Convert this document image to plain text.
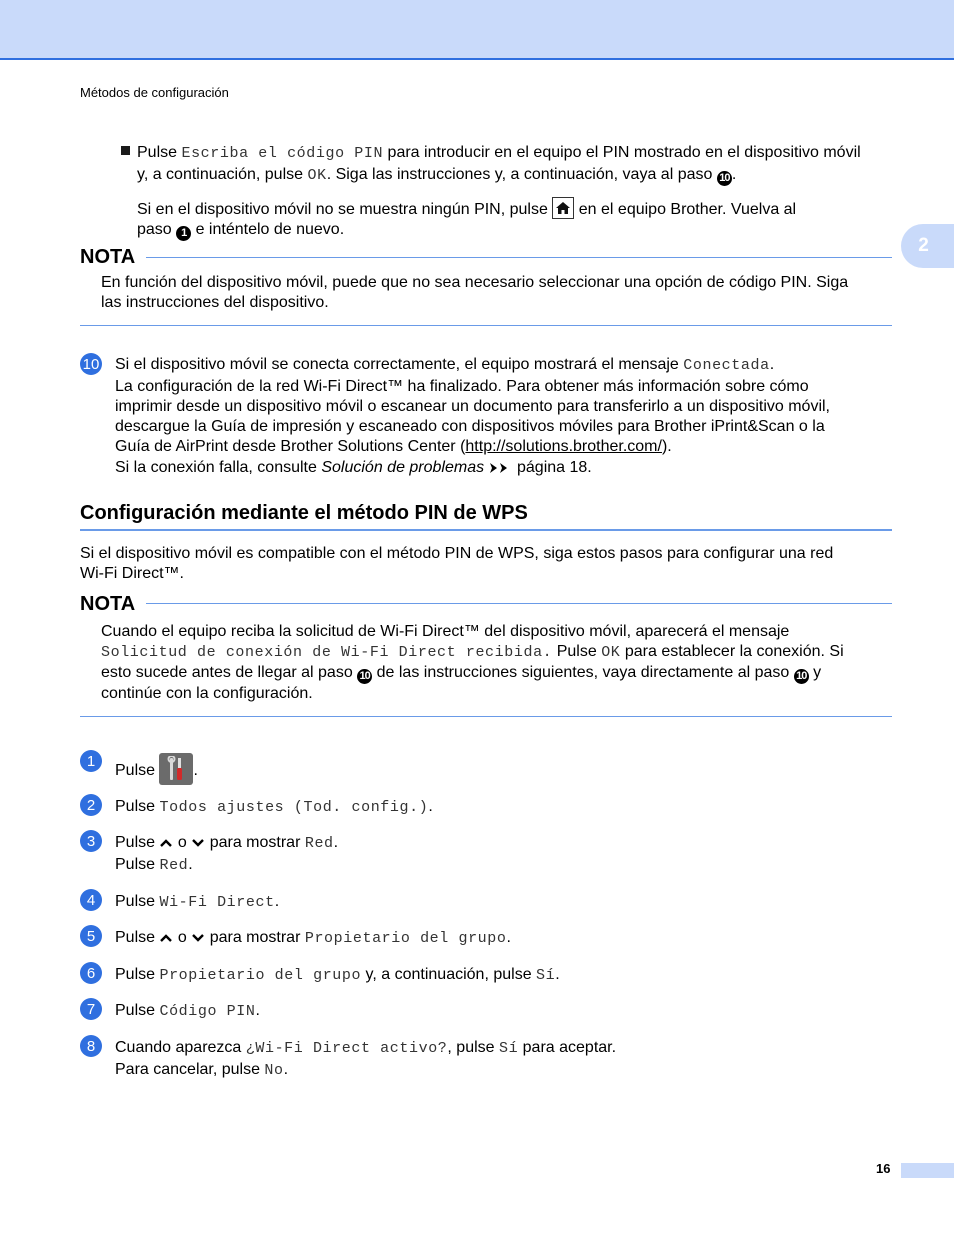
Métodos de configuración
2
Pulse Escriba el código PIN para introducir en el equipo el PIN mostrado en el dispositivo móvil
y, a continuación, pulse OK. Siga las instrucciones y, a continuación, vaya al paso 10 .
Si en el dispositivo móvil no se muestra ningún PIN, pulse
en el equipo Brother. Vuelva al
paso 1 e inténtelo de nuevo.
NOTA
En función del dispositivo móvil, puede que no sea necesario seleccionar una opción de código PIN. Siga
las instrucciones del dispositivo.
10 Si el dispositivo móvil se conecta correctamente, el equipo mostrará el mensaje Conectada.
La configuración de la red Wi-Fi Direct™ ha finalizado. Para obtener más información sobre cómo
imprimir desde un dispositivo móvil o escanear un documento para transferirlo a un dispositivo móvil,
descargue la Guía de impresión y escaneado con dispositivos móviles para Brother iPrint&Scan o la
Guía de AirPrint desde Brother Solutions Center (http://solutions.brother.com/).
Si la conexión falla, consulte Solución de problemas  página 18.
Configuración mediante el método PIN de WPS
Si el dispositivo móvil es compatible con el método PIN de WPS, siga estos pasos para configurar una red
Wi-Fi Direct™.
NOTA
Cuando el equipo reciba la solicitud de Wi-Fi Direct™ del dispositivo móvil, aparecerá el mensaje
Solicitud de conexión de Wi-Fi Direct recibida. Pulse OK para establecer la conexión. Si
esto sucede antes de llegar al paso 10 de las instrucciones siguientes, vaya directamente al paso 10 y
continúe con la configuración.
1
Pulse
.
2	Pulse Todos ajustes (Tod. config.).
3	Pulse  o  para mostrar Red.
Pulse Red.
4	Pulse Wi-Fi Direct.
5	Pulse  o  para mostrar Propietario del grupo.
6	Pulse Propietario del grupo y, a continuación, pulse Sí.
7	Pulse Código PIN.
8	Cuando aparezca ¿Wi-Fi Direct activo?, pulse Sí para aceptar.
Para cancelar, pulse No.
16
